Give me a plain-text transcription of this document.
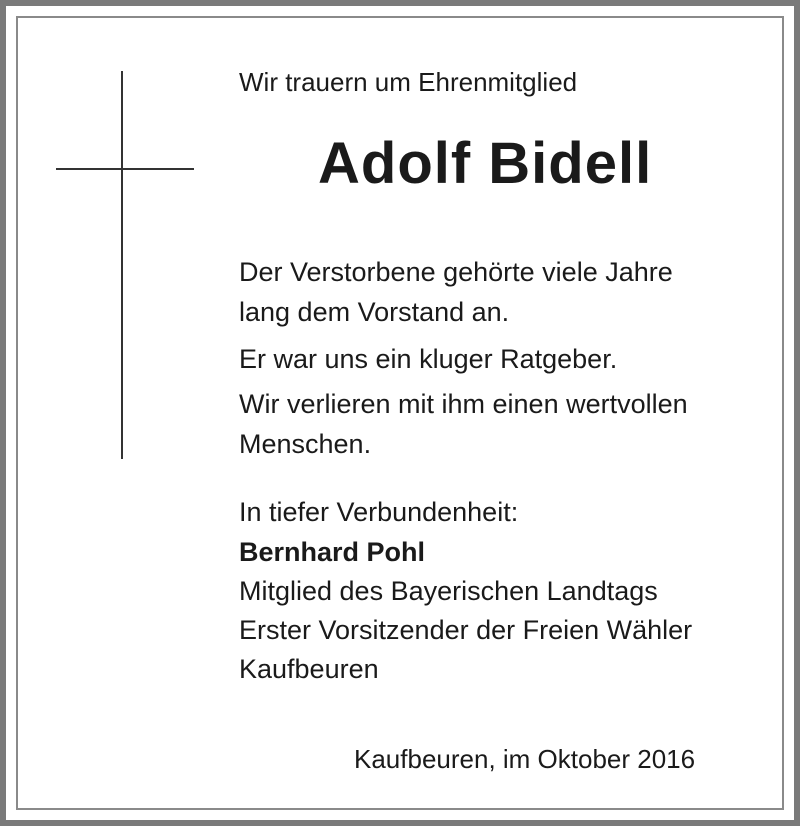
Wir trauern um Ehrenmitglied
Adolf Bidell
Der Verstorbene gehörte viele Jahre
lang dem Vorstand an.
Er war uns ein kluger Ratgeber.
Wir verlieren mit ihm einen wertvollen
Menschen.
In tiefer Verbundenheit:
Bernhard Pohl
Mitglied des Bayerischen Landtags
Erster Vorsitzender der Freien Wähler
Kaufbeuren
Kaufbeuren, im Oktober 2016
